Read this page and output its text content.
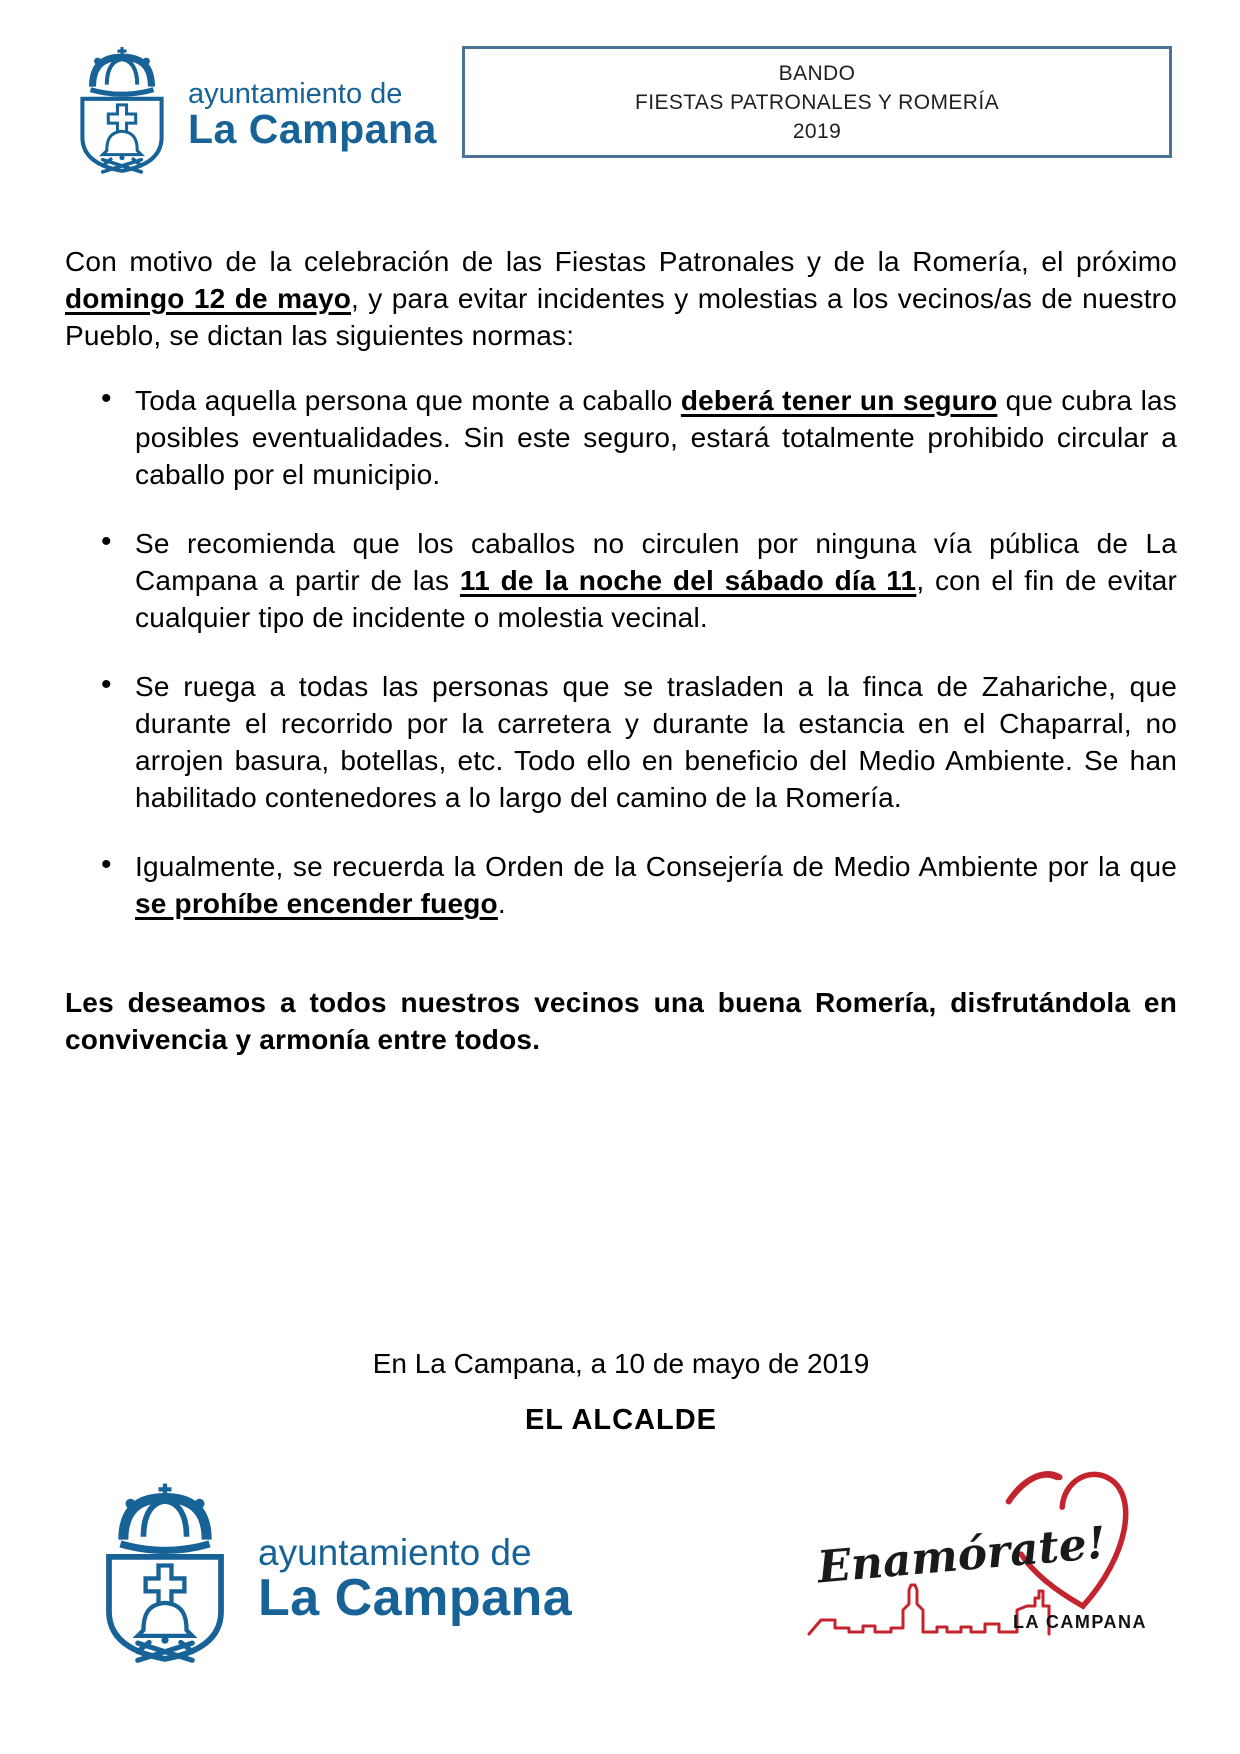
ayuntamiento de
La Campana
BANDO
FIESTAS PATRONALES Y ROMERÍA
2019

Con motivo de la celebración de las Fiestas Patronales y de la Romería, el próximo domingo 12 de mayo, y para evitar incidentes y molestias a los vecinos/as de nuestro Pueblo, se dictan las siguientes normas:

• Toda aquella persona que monte a caballo deberá tener un seguro que cubra las posibles eventualidades. Sin este seguro, estará totalmente prohibido circular a caballo por el municipio.
• Se recomienda que los caballos no circulen por ninguna vía pública de La Campana a partir de las 11 de la noche del sábado día 11, con el fin de evitar cualquier tipo de incidente o molestia vecinal.
• Se ruega a todas las personas que se trasladen a la finca de Zahariche, que durante el recorrido por la carretera y durante la estancia en el Chaparral, no arrojen basura, botellas, etc. Todo ello en beneficio del Medio Ambiente. Se han habilitado contenedores a lo largo del camino de la Romería.
• Igualmente, se recuerda la Orden de la Consejería de Medio Ambiente por la que se prohíbe encender fuego.

Les deseamos a todos nuestros vecinos una buena Romería, disfrutándola en convivencia y armonía entre todos.

En La Campana, a 10 de mayo de 2019
EL ALCALDE
ayuntamiento de
La Campana
Enamórate!
LA CAMPANA
